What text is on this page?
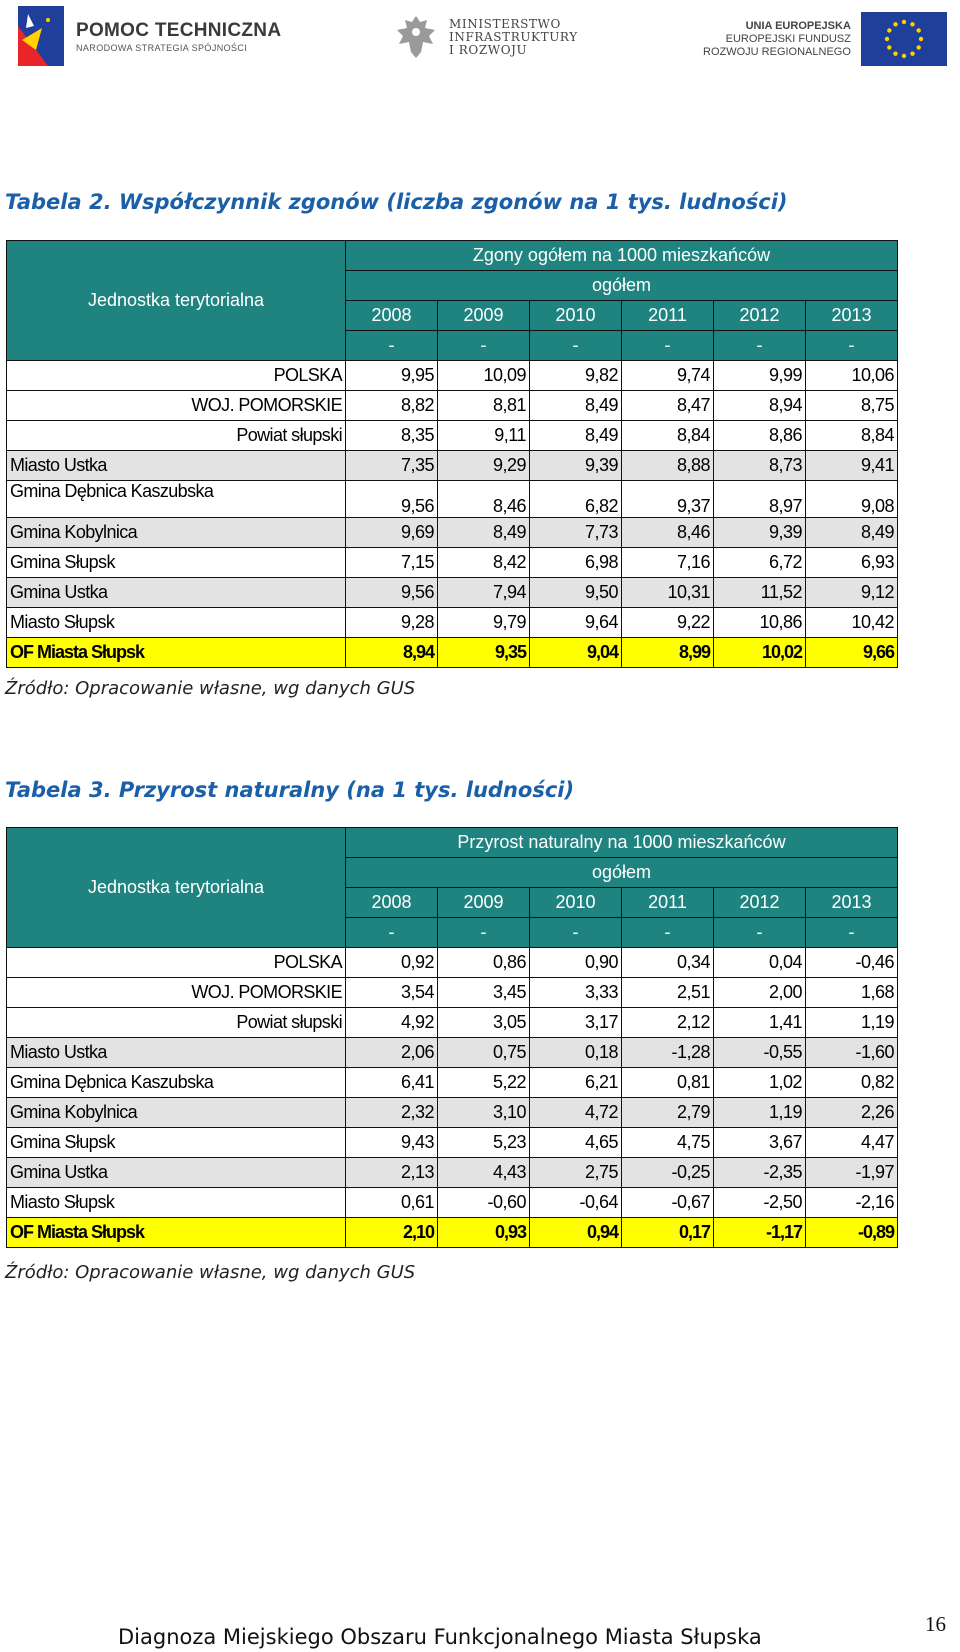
POMOC TECHNICZNA
NARODOWA STRATEGIA SPÓJNOŚCI
MINISTERSTWO
INFRASTRUKTURY
I ROZWOJU
UNIA EUROPEJSKA
EUROPEJSKI FUNDUSZ
ROZWOJU REGIONALNEGO
Tabela 2. Współczynnik zgonów (liczba zgonów na 1 tys. ludności)
Jednostka terytorialna	Zgony ogółem na 1000 mieszkańców					
	ogółem					
	2008	2009	2010	2011	2012	2013
	-	-	-	-	-	-
POLSKA	9,95	10,09	9,82	9,74	9,99	10,06
WOJ. POMORSKIE	8,82	8,81	8,49	8,47	8,94	8,75
Powiat słupski	8,35	9,11	8,49	8,84	8,86	8,84
Miasto Ustka	7,35	9,29	9,39	8,88	8,73	9,41
Gmina Dębnica Kaszubska	9,56	8,46	6,82	9,37	8,97	9,08
Gmina Kobylnica	9,69	8,49	7,73	8,46	9,39	8,49
Gmina Słupsk	7,15	8,42	6,98	7,16	6,72	6,93
Gmina Ustka	9,56	7,94	9,50	10,31	11,52	9,12
Miasto Słupsk	9,28	9,79	9,64	9,22	10,86	10,42
OF Miasta Słupsk	8,94	9,35	9,04	8,99	10,02	9,66
Źródło: Opracowanie własne, wg danych GUS
Tabela 3. Przyrost naturalny (na 1 tys. ludności)
Jednostka terytorialna	Przyrost naturalny na 1000 mieszkańców					
	ogółem					
	2008	2009	2010	2011	2012	2013
	-	-	-	-	-	-
POLSKA	0,92	0,86	0,90	0,34	0,04	-0,46
WOJ. POMORSKIE	3,54	3,45	3,33	2,51	2,00	1,68
Powiat słupski	4,92	3,05	3,17	2,12	1,41	1,19
Miasto Ustka	2,06	0,75	0,18	-1,28	-0,55	-1,60
Gmina Dębnica Kaszubska	6,41	5,22	6,21	0,81	1,02	0,82
Gmina Kobylnica	2,32	3,10	4,72	2,79	1,19	2,26
Gmina Słupsk	9,43	5,23	4,65	4,75	3,67	4,47
Gmina Ustka	2,13	4,43	2,75	-0,25	-2,35	-1,97
Miasto Słupsk	0,61	-0,60	-0,64	-0,67	-2,50	-2,16
OF Miasta Słupsk	2,10	0,93	0,94	0,17	-1,17	-0,89
Źródło: Opracowanie własne, wg danych GUS
Diagnoza Miejskiego Obszaru Funkcjonalnego Miasta Słupska
16
